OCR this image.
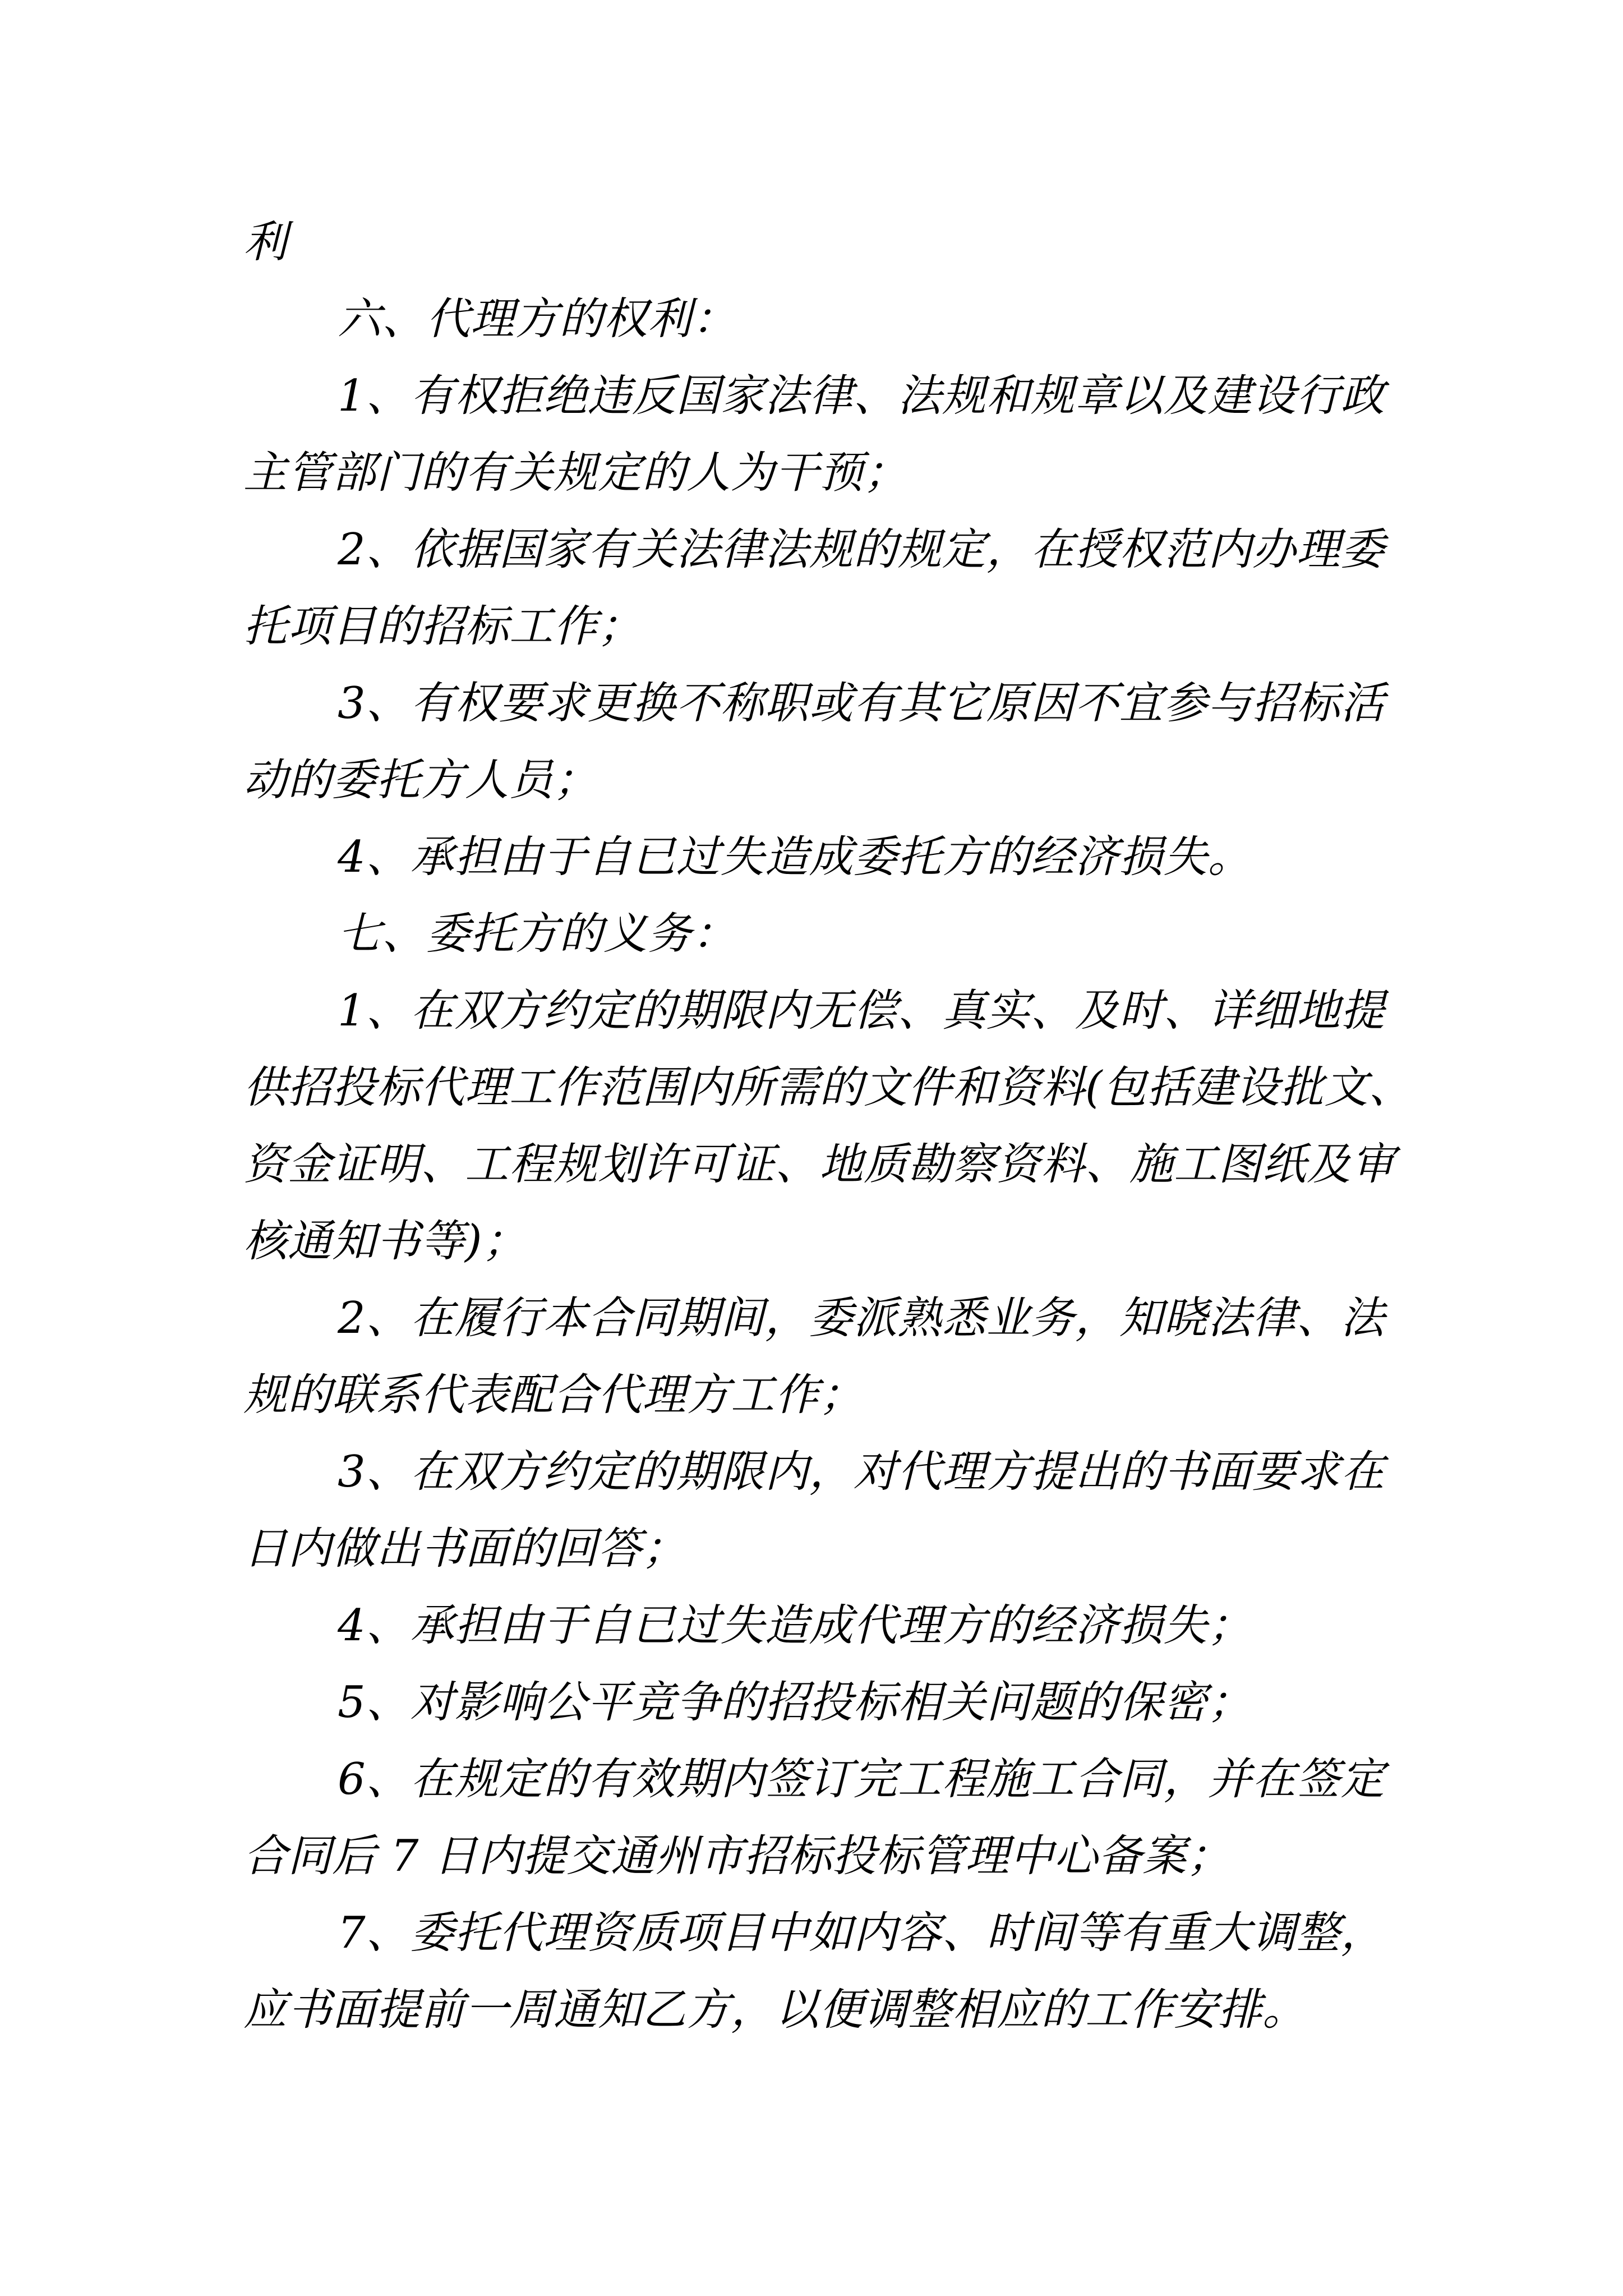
利
六、代理方的权利：
1、有权拒绝违反国家法律、法规和规章以及建设行政
主管部门的有关规定的人为干预；
2、依据国家有关法律法规的规定，在授权范内办理委
托项目的招标工作；
3、有权要求更换不称职或有其它原因不宜参与招标活
动的委托方人员；
4、承担由于自已过失造成委托方的经济损失。
七、委托方的义务：
1、在双方约定的期限内无偿、真实、及时、详细地提
供招投标代理工作范围内所需的文件和资料(包括建设批文、
资金证明、工程规划许可证、地质勘察资料、施工图纸及审
核通知书等)；
2、在履行本合同期间，委派熟悉业务，知晓法律、法
规的联系代表配合代理方工作；
3、在双方约定的期限内，对代理方提出的书面要求在
日内做出书面的回答；
4、承担由于自已过失造成代理方的经济损失；
5、对影响公平竞争的招投标相关问题的保密；
6、在规定的有效期内签订完工程施工合同，并在签定
合同后 7 日内提交通州市招标投标管理中心备案；
7、委托代理资质项目中如内容、时间等有重大调整，
应书面提前一周通知乙方，以便调整相应的工作安排。
